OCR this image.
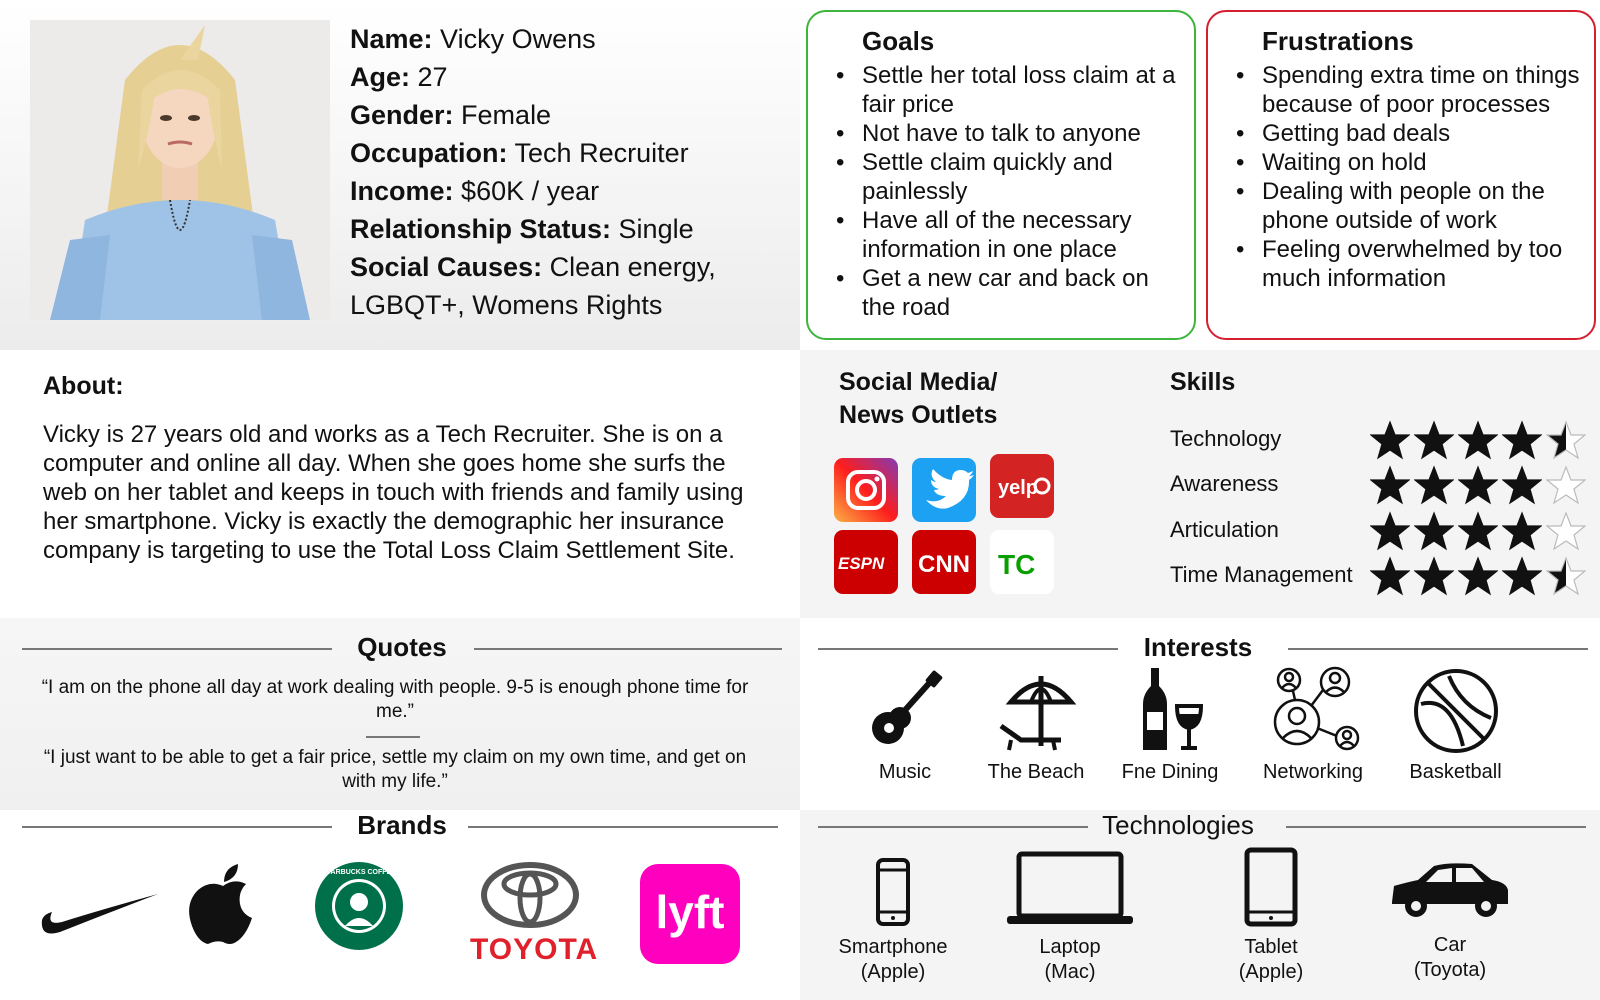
Name: Vicky Owens
Age: 27
Gender: Female
Occupation: Tech Recruiter
Income: $60K / year
Relationship Status: Single
Social Causes: Clean energy, LGBQT+, Womens Rights
Goals
• Settle her total loss claim at a fair price
• Not have to talk to anyone
• Settle claim quickly and painlessly
• Have all of the necessary information in one place
• Get a new car and back on the road
Frustrations
• Spending extra time on things because of poor processes
• Getting bad deals
• Waiting on hold
• Dealing with people on the phone outside of work
• Feeling overwhelmed by too much information
About:

Vicky is 27 years old and works as a Tech Recruiter. She is on a computer and online all day. When she goes home she surfs the web on her tablet and keeps in touch with friends and family using her smartphone. Vicky is exactly the demographic her insurance company is targeting to use the Total Loss Claim Settlement Site.

Social Media/
News Outlets
yelp
ESPN CNN TC
Skills
Technology
Awareness
Articulation
Time Management
Quotes
“I am on the phone all day at work dealing with people. 9-5 is enough phone time for me.”
“I just want to be able to get a fair price, settle my claim on my own time, and get on with my life.”
Interests
Music	The Beach Fne Dining Networking Basketball
Brands
STARBUCKS COFFEE
TOYOTA
lyft
Technologies
Smartphone
(Apple)
Laptop
(Mac)
Tablet
(Apple)
Car
(Toyota)
